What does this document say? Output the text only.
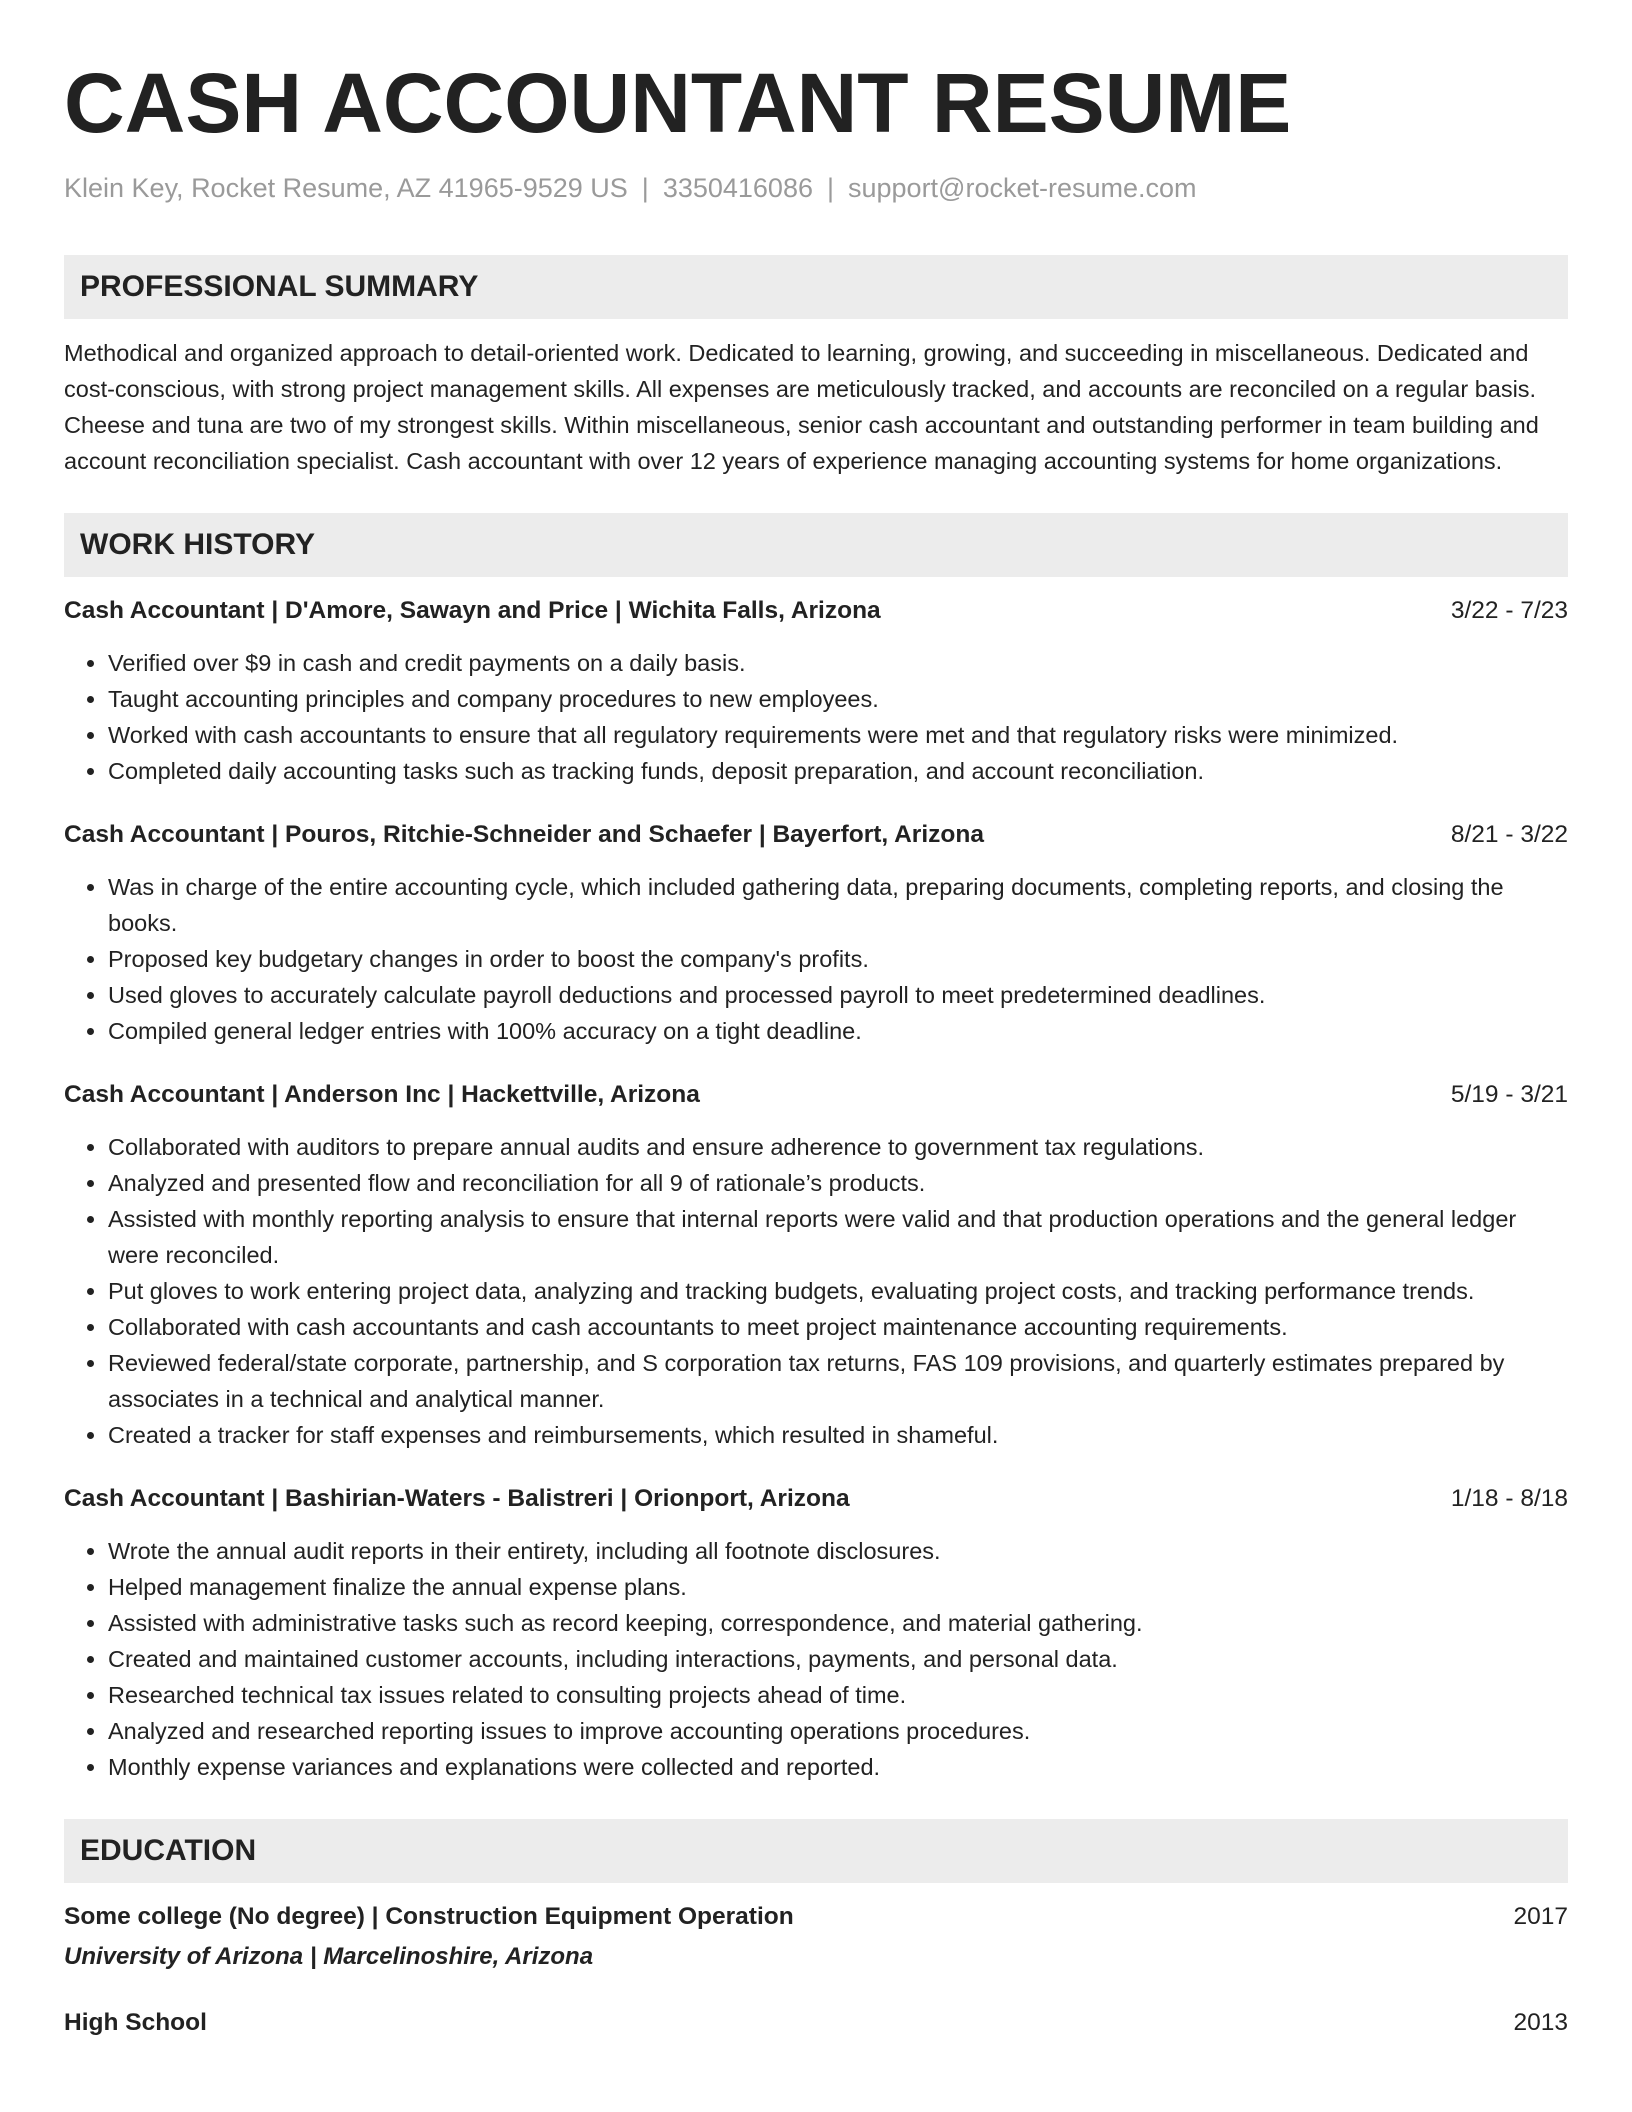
CASH ACCOUNTANT RESUME
Klein Key, Rocket Resume, AZ 41965-9529 US | 3350416086 | support@rocket-resume.com
PROFESSIONAL SUMMARY
Methodical and organized approach to detail-oriented work. Dedicated to learning, growing, and succeeding in miscellaneous. Dedicated and cost-conscious, with strong project management skills. All expenses are meticulously tracked, and accounts are reconciled on a regular basis. Cheese and tuna are two of my strongest skills. Within miscellaneous, senior cash accountant and outstanding performer in team building and account reconciliation specialist. Cash accountant with over 12 years of experience managing accounting systems for home organizations.
WORK HISTORY
Cash Accountant | D'Amore, Sawayn and Price | Wichita Falls, Arizona	3/22 - 7/23
• Verified over $9 in cash and credit payments on a daily basis.
• Taught accounting principles and company procedures to new employees.
• Worked with cash accountants to ensure that all regulatory requirements were met and that regulatory risks were minimized.
• Completed daily accounting tasks such as tracking funds, deposit preparation, and account reconciliation.
Cash Accountant | Pouros, Ritchie-Schneider and Schaefer | Bayerfort, Arizona	8/21 - 3/22
• Was in charge of the entire accounting cycle, which included gathering data, preparing documents, completing reports, and closing the books.
• Proposed key budgetary changes in order to boost the company's profits.
• Used gloves to accurately calculate payroll deductions and processed payroll to meet predetermined deadlines.
• Compiled general ledger entries with 100% accuracy on a tight deadline.
Cash Accountant | Anderson Inc | Hackettville, Arizona	5/19 - 3/21
• Collaborated with auditors to prepare annual audits and ensure adherence to government tax regulations.
• Analyzed and presented flow and reconciliation for all 9 of rationale’s products.
• Assisted with monthly reporting analysis to ensure that internal reports were valid and that production operations and the general ledger were reconciled.
• Put gloves to work entering project data, analyzing and tracking budgets, evaluating project costs, and tracking performance trends.
• Collaborated with cash accountants and cash accountants to meet project maintenance accounting requirements.
• Reviewed federal/state corporate, partnership, and S corporation tax returns, FAS 109 provisions, and quarterly estimates prepared by associates in a technical and analytical manner.
• Created a tracker for staff expenses and reimbursements, which resulted in shameful.
Cash Accountant | Bashirian-Waters - Balistreri | Orionport, Arizona	1/18 - 8/18
• Wrote the annual audit reports in their entirety, including all footnote disclosures.
• Helped management finalize the annual expense plans.
• Assisted with administrative tasks such as record keeping, correspondence, and material gathering.
• Created and maintained customer accounts, including interactions, payments, and personal data.
• Researched technical tax issues related to consulting projects ahead of time.
• Analyzed and researched reporting issues to improve accounting operations procedures.
• Monthly expense variances and explanations were collected and reported.
EDUCATION
Some college (No degree) | Construction Equipment Operation	2017
University of Arizona | Marcelinoshire, Arizona
High School	2013
